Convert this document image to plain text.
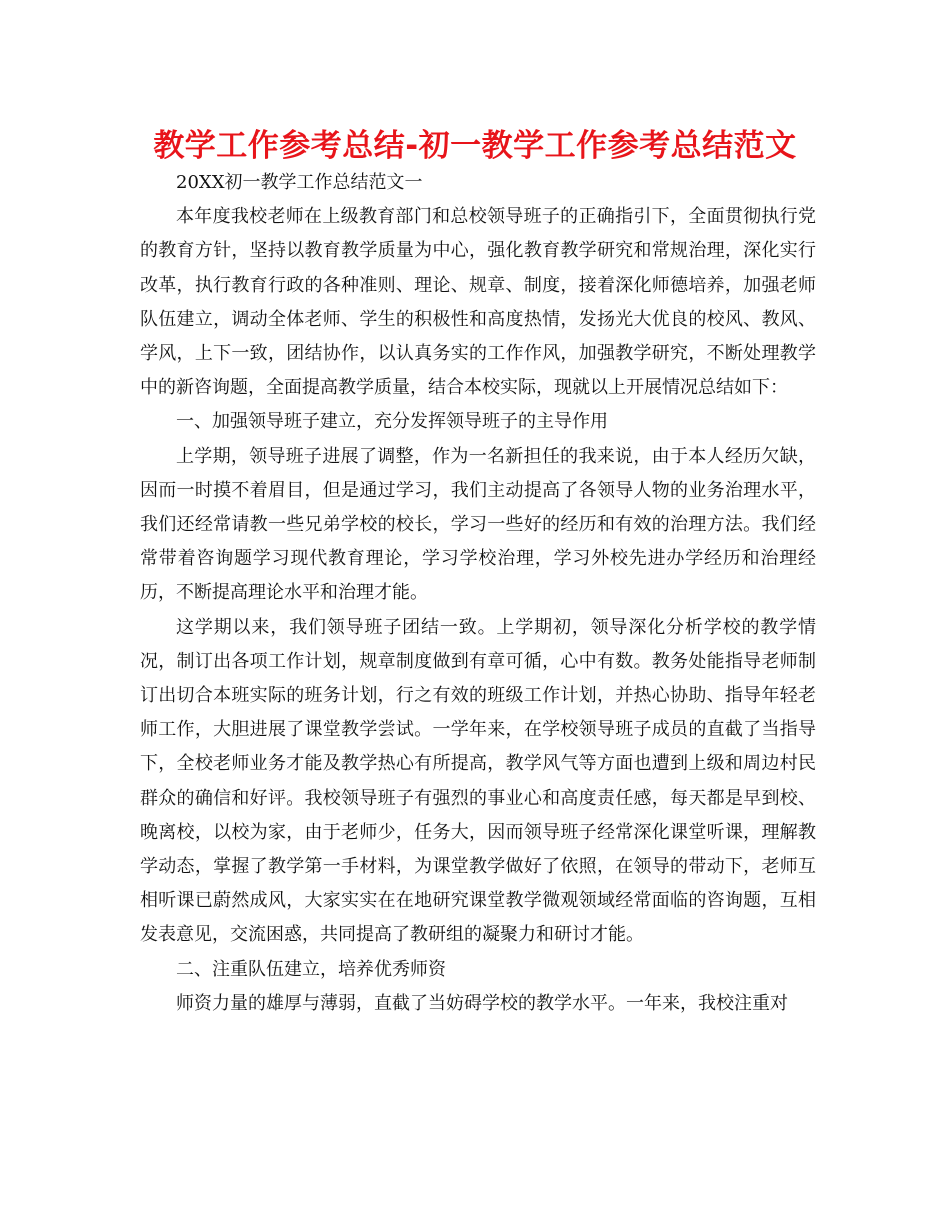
教学工作参考总结-初一教学工作参考总结范文

20XX初一教学工作总结范文一

本年度我校老师在上级教育部门和总校领导班子的正确指引下，全面贯彻执行党的教育方针，坚持以教育教学质量为中心，强化教育教学研究和常规治理，深化实行改革，执行教育行政的各种准则、理论、规章、制度，接着深化师德培养，加强老师队伍建立，调动全体老师、学生的积极性和高度热情，发扬光大优良的校风、教风、学风，上下一致，团结协作，以认真务实的工作作风，加强教学研究，不断处理教学中的新咨询题，全面提高教学质量，结合本校实际，现就以上开展情况总结如下：

一、加强领导班子建立，充分发挥领导班子的主导作用

上学期，领导班子进展了调整，作为一名新担任的我来说，由于本人经历欠缺，因而一时摸不着眉目，但是通过学习，我们主动提高了各领导人物的业务治理水平，我们还经常请教一些兄弟学校的校长，学习一些好的经历和有效的治理方法。我们经常带着咨询题学习现代教育理论，学习学校治理，学习外校先进办学经历和治理经历，不断提高理论水平和治理才能。

这学期以来，我们领导班子团结一致。上学期初，领导深化分析学校的教学情况，制订出各项工作计划，规章制度做到有章可循，心中有数。教务处能指导老师制订出切合本班实际的班务计划，行之有效的班级工作计划，并热心协助、指导年轻老师工作，大胆进展了课堂教学尝试。一学年来，在学校领导班子成员的直截了当指导下，全校老师业务才能及教学热心有所提高，教学风气等方面也遭到上级和周边村民群众的确信和好评。我校领导班子有强烈的事业心和高度责任感，每天都是早到校、晚离校，以校为家，由于老师少，任务大，因而领导班子经常深化课堂听课，理解教学动态，掌握了教学第一手材料，为课堂教学做好了依照，在领导的带动下，老师互相听课已蔚然成风，大家实实在在地研究课堂教学微观领域经常面临的咨询题，互相发表意见，交流困惑，共同提高了教研组的凝聚力和研讨才能。

二、注重队伍建立，培养优秀师资

师资力量的雄厚与薄弱，直截了当妨碍学校的教学水平。一年来，我校注重对
